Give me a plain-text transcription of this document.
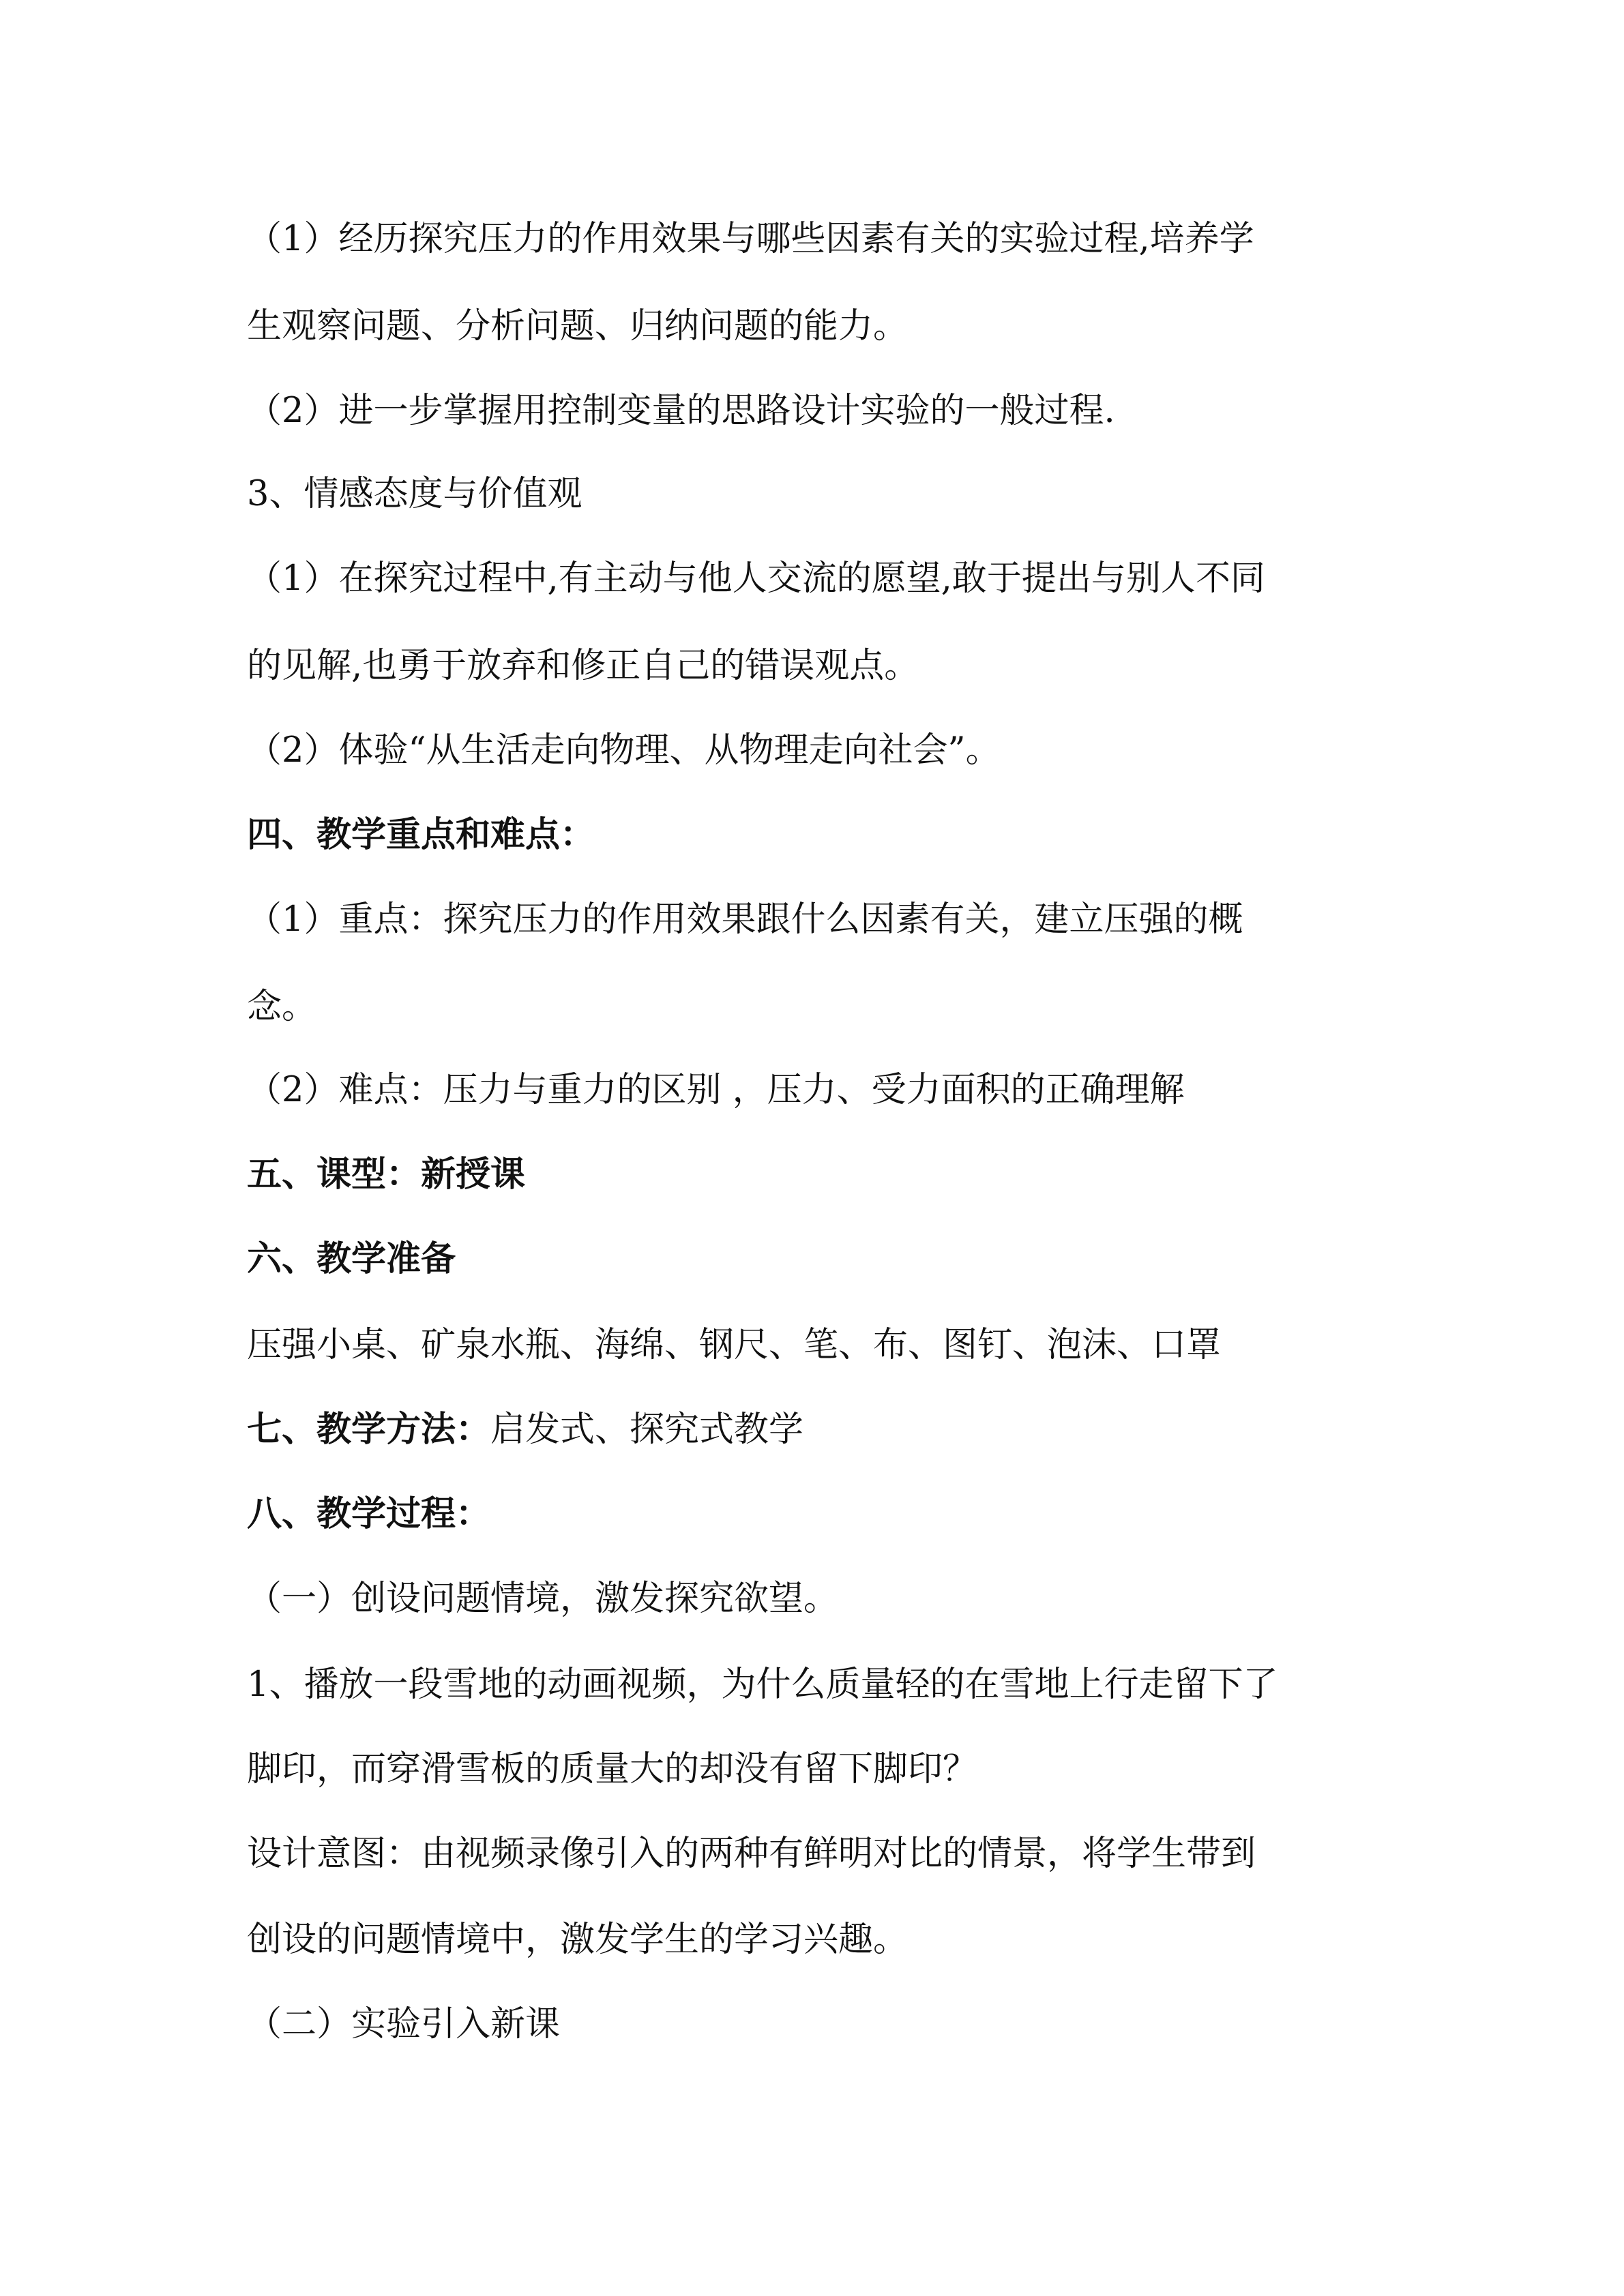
（1）经历探究压力的作用效果与哪些因素有关的实验过程,培养学
生观察问题、分析问题、归纳问题的能力。
（2）进一步掌握用控制变量的思路设计实验的一般过程.
3、情感态度与价值观
（1）在探究过程中,有主动与他人交流的愿望,敢于提出与别人不同
的见解,也勇于放弃和修正自己的错误观点。
（2）体验“从生活走向物理、从物理走向社会”。
四、教学重点和难点：
（1）重点：探究压力的作用效果跟什么因素有关，建立压强的概
念。
（2）难点：压力与重力的区别 ，压力、受力面积的正确理解
五、课型：新授课
六、教学准备
压强小桌、矿泉水瓶、海绵、钢尺、笔、布、图钉、泡沫、口罩
七、教学方法：启发式、探究式教学
八、教学过程：
（一）创设问题情境，激发探究欲望。
1、播放一段雪地的动画视频，为什么质量轻的在雪地上行走留下了
脚印，而穿滑雪板的质量大的却没有留下脚印？
设计意图：由视频录像引入的两种有鲜明对比的情景，将学生带到
创设的问题情境中，激发学生的学习兴趣。
（二）实验引入新课
